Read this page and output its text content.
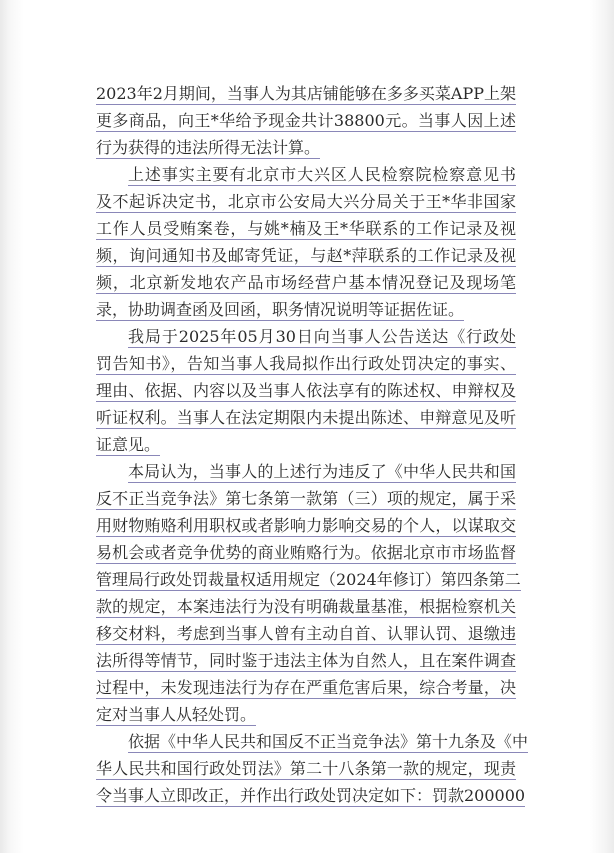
2023年2月期间，当事人为其店铺能够在多多买菜APP上架

更多商品，向王*华给予现金共计38800元。当事人因上述

行为获得的违法所得无法计算。

上述事实主要有北京市大兴区人民检察院检察意见书

及不起诉决定书，北京市公安局大兴分局关于王*华非国家

工作人员受贿案卷，与姚*楠及王*华联系的工作记录及视

频，询问通知书及邮寄凭证，与赵*萍联系的工作记录及视

频，北京新发地农产品市场经营户基本情况登记及现场笔

录，协助调查函及回函，职务情况说明等证据佐证。

我局于2025年05月30日向当事人公告送达《行政处

罚告知书》，告知当事人我局拟作出行政处罚决定的事实、

理由、依据、内容以及当事人依法享有的陈述权、申辩权及

听证权利。当事人在法定期限内未提出陈述、申辩意见及听

证意见。

本局认为，当事人的上述行为违反了《中华人民共和国

反不正当竞争法》第七条第一款第（三）项的规定，属于采

用财物贿赂利用职权或者影响力影响交易的个人，以谋取交

易机会或者竞争优势的商业贿赂行为。依据北京市市场监督

管理局行政处罚裁量权适用规定（2024年修订）第四条第二

款的规定，本案违法行为没有明确裁量基准，根据检察机关

移交材料，考虑到当事人曾有主动自首、认罪认罚、退缴违

法所得等情节，同时鉴于违法主体为自然人，且在案件调查

过程中，未发现违法行为存在严重危害后果，综合考量，决

定对当事人从轻处罚。

依据《中华人民共和国反不正当竞争法》第十九条及《中

华人民共和国行政处罚法》第二十八条第一款的规定，现责

令当事人立即改正，并作出行政处罚决定如下：罚款200000
